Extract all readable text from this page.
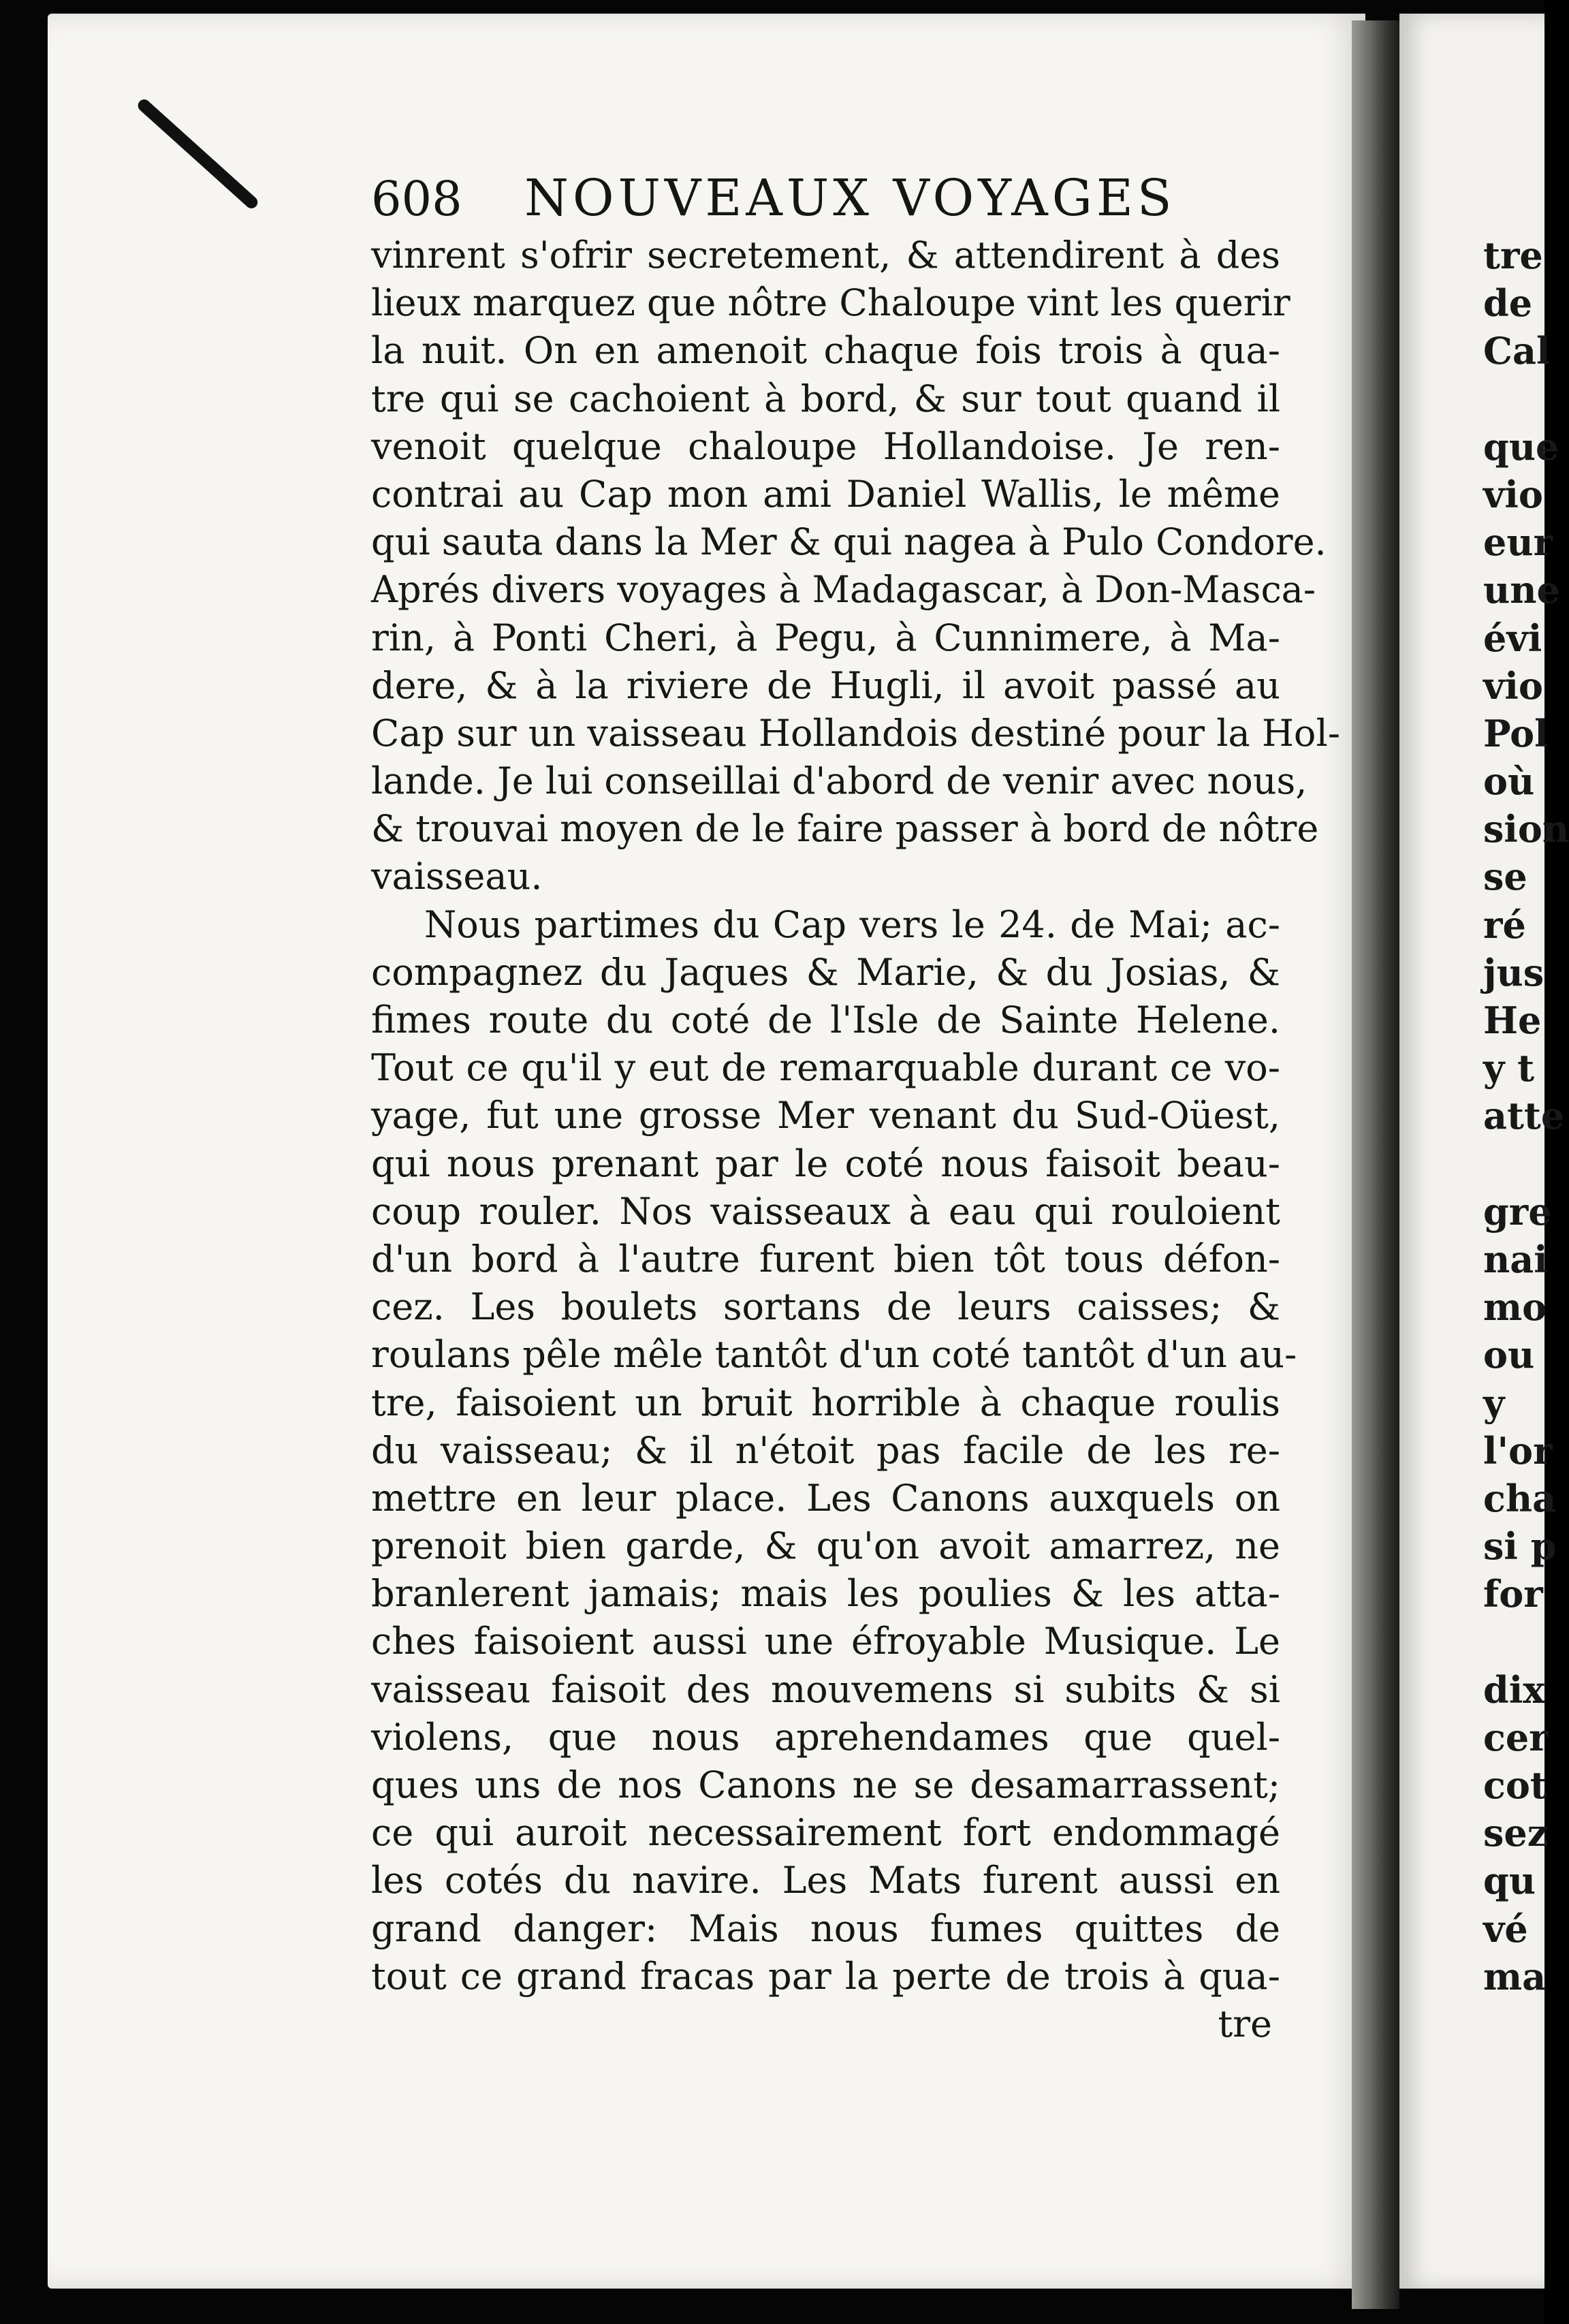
608 NOUVEAUX VOYAGES
vinrent s'ofrir secretement, & attendirent à des
lieux marquez que nôtre Chaloupe vint les querir
la nuit. On en amenoit chaque fois trois à qua-
tre qui se cachoient à bord, & sur tout quand il
venoit quelque chaloupe Hollandoise. Je ren-
contrai au Cap mon ami Daniel Wallis, le même
qui sauta dans la Mer & qui nagea à Pulo Condore.
Aprés divers voyages à Madagascar, à Don-Masca-
rin, à Ponti Cheri, à Pegu, à Cunnimere, à Ma-
dere, & à la riviere de Hugli, il avoit passé au
Cap sur un vaisseau Hollandois destiné pour la Hol-
lande. Je lui conseillai d'abord de venir avec nous,
& trouvai moyen de le faire passer à bord de nôtre
vaisseau.
Nous partimes du Cap vers le 24. de Mai; ac-
compagnez du Jaques & Marie, & du Josias, &
fimes route du coté de l'Isle de Sainte Helene.
Tout ce qu'il y eut de remarquable durant ce vo-
yage, fut une grosse Mer venant du Sud-Oüest,
qui nous prenant par le coté nous faisoit beau-
coup rouler. Nos vaisseaux à eau qui rouloient
d'un bord à l'autre furent bien tôt tous défon-
cez. Les boulets sortans de leurs caisses; &
roulans pêle mêle tantôt d'un coté tantôt d'un au-
tre, faisoient un bruit horrible à chaque roulis
du vaisseau; & il n'étoit pas facile de les re-
mettre en leur place. Les Canons auxquels on
prenoit bien garde, & qu'on avoit amarrez, ne
branlerent jamais; mais les poulies & les atta-
ches faisoient aussi une éfroyable Musique. Le
vaisseau faisoit des mouvemens si subits & si
violens, que nous aprehendames que quel-
ques uns de nos Canons ne se desamarrassent;
ce qui auroit necessairement fort endommagé
les cotés du navire. Les Mats furent aussi en
grand danger: Mais nous fumes quittes de
tout ce grand fracas par la perte de trois à qua-
tre
tre
de
Cal
que
vio
eur
une
évi
vio
Pol
où
sion
se
ré
jus
He
y t
atte
gre
nai
mo
ou
y
l'or
cha
si p
for
dix
cer
cot
sez
qu
vé
ma
